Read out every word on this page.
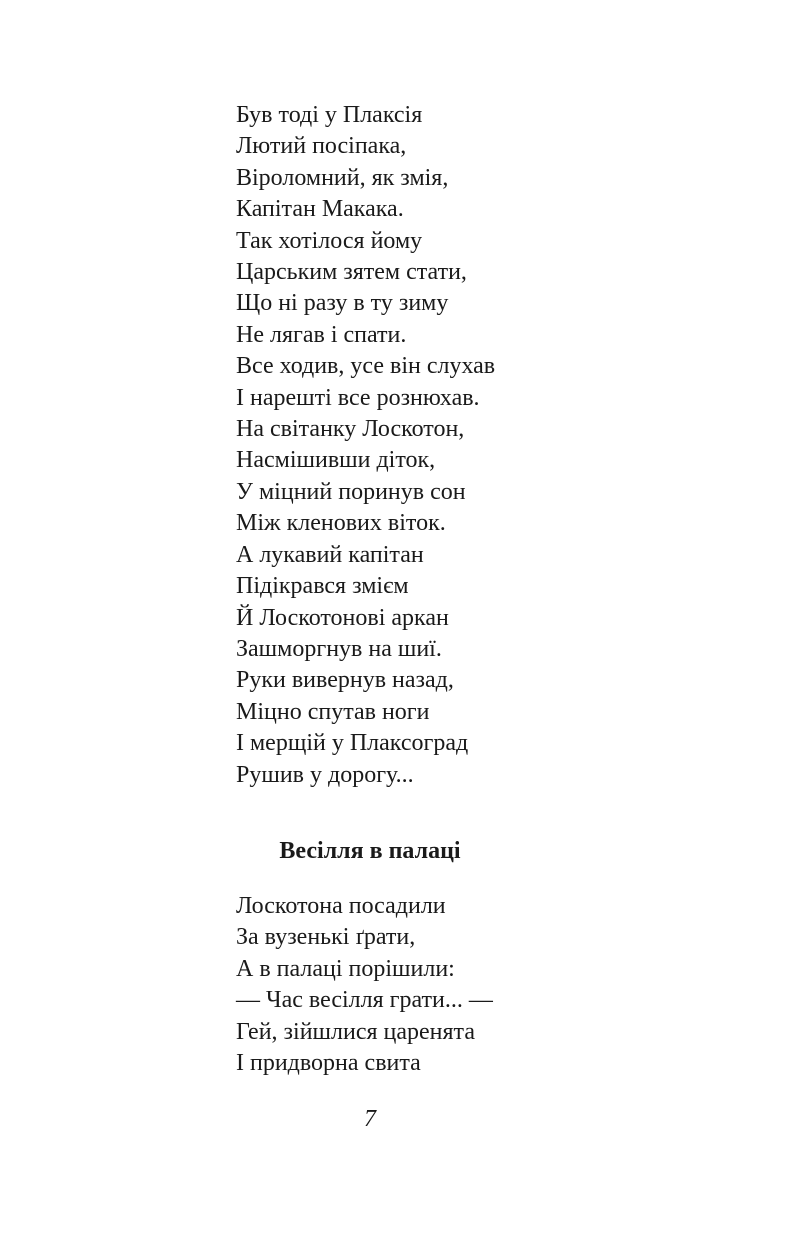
Був тоді у Плаксія
Лютий посіпака,
Віроломний, як змія,
Капітан Макака.
Так хотілося йому
Царським зятем стати,
Що ні разу в ту зиму
Не лягав і спати.
Все ходив, усе він слухав
І нарешті все рознюхав.
На світанку Лоскотон,
Насмішивши діток,
У міцний поринув сон
Між кленових віток.
А лукавий капітан
Підікрався змієм
Й Лоскотонові аркан
Зашморгнув на шиї.
Руки вивернув назад,
Міцно спутав ноги
І мерщій у Плаксоград
Рушив у дорогу...
Весілля в палаці
Лоскотона посадили
За вузенькі ґрати,
А в палаці порішили:
— Час весілля грати... —
Гей, зійшлися царенята
І придворна свита
7
